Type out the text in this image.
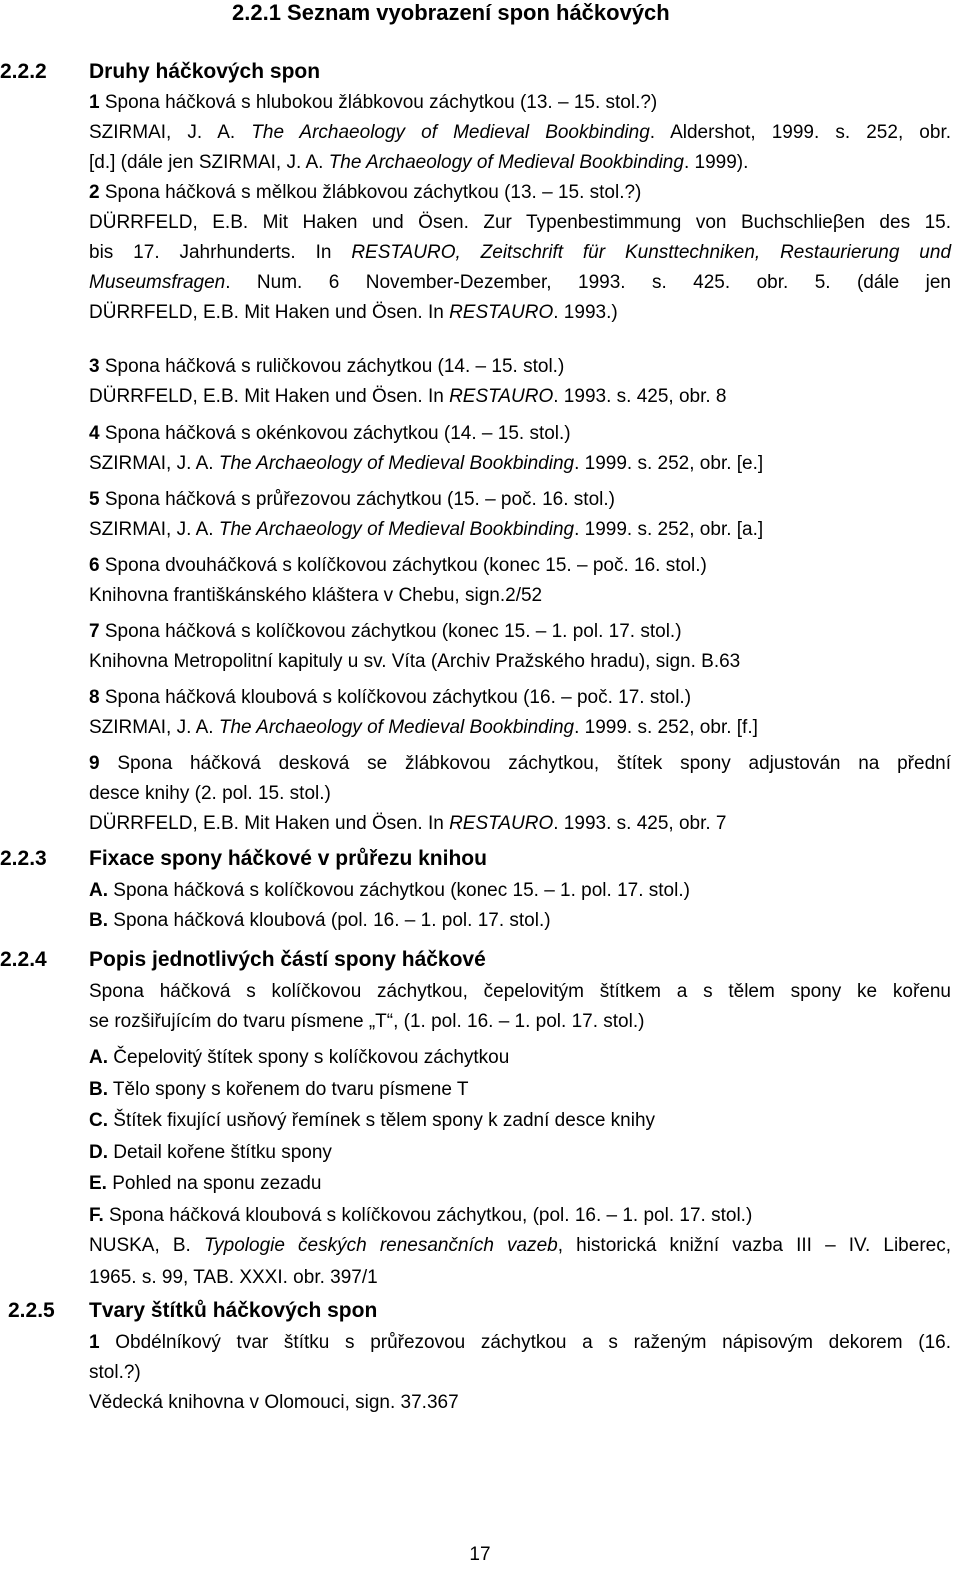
2.2.1 Seznam vyobrazení spon háčkových
2.2.2 Druhy háčkových spon
1 Spona háčková s hlubokou žlábkovou záchytkou (13. – 15. stol.?)
SZIRMAI, J. A. The Archaeology of Medieval Bookbinding. Aldershot, 1999. s. 252, obr.
[d.] (dále jen SZIRMAI, J. A. The Archaeology of Medieval Bookbinding. 1999).
2 Spona háčková s mělkou žlábkovou záchytkou (13. – 15. stol.?)
DÜRRFELD, E.B. Mit Haken und Ösen. Zur Typenbestimmung von Buchschlieβen des 15.
bis 17. Jahrhunderts. In RESTAURO, Zeitschrift für Kunsttechniken, Restaurierung und
Museumsfragen. Num. 6 November-Dezember, 1993. s. 425. obr. 5. (dále jen
DÜRRFELD, E.B. Mit Haken und Ösen. In RESTAURO. 1993.)
3 Spona háčková s ruličkovou záchytkou (14. – 15. stol.)
DÜRRFELD, E.B. Mit Haken und Ösen. In RESTAURO. 1993. s. 425, obr. 8
4 Spona háčková s okénkovou záchytkou (14. – 15. stol.)
SZIRMAI, J. A. The Archaeology of Medieval Bookbinding. 1999. s. 252, obr. [e.]
5 Spona háčková s průřezovou záchytkou (15. – poč. 16. stol.)
SZIRMAI, J. A. The Archaeology of Medieval Bookbinding. 1999. s. 252, obr. [a.]
6 Spona dvouháčková s kolíčkovou záchytkou (konec 15. – poč. 16. stol.)
Knihovna františkánského kláštera v Chebu, sign.2/52
7 Spona háčková s kolíčkovou záchytkou (konec 15. – 1. pol. 17. stol.)
Knihovna Metropolitní kapituly u sv. Víta (Archiv Pražského hradu), sign. B.63
8 Spona háčková kloubová s kolíčkovou záchytkou (16. – poč. 17. stol.)
SZIRMAI, J. A. The Archaeology of Medieval Bookbinding. 1999. s. 252, obr. [f.]
9 Spona háčková desková se žlábkovou záchytkou, štítek spony adjustován na přední
desce knihy (2. pol. 15. stol.)
DÜRRFELD, E.B. Mit Haken und Ösen. In RESTAURO. 1993. s. 425, obr. 7
2.2.3 Fixace spony háčkové v průřezu knihou
A. Spona háčková s kolíčkovou záchytkou (konec 15. – 1. pol. 17. stol.)
B. Spona háčková kloubová (pol. 16. – 1. pol. 17. stol.)
2.2.4 Popis jednotlivých částí spony háčkové
Spona háčková s kolíčkovou záchytkou, čepelovitým štítkem a s tělem spony ke kořenu
se rozšiřujícím do tvaru písmene „T“, (1. pol. 16. – 1. pol. 17. stol.)
A. Čepelovitý štítek spony s kolíčkovou záchytkou
B. Tělo spony s kořenem do tvaru písmene T
C. Štítek fixující usňový řemínek s tělem spony k zadní desce knihy
D. Detail kořene štítku spony
E. Pohled na sponu zezadu
F. Spona háčková kloubová s kolíčkovou záchytkou, (pol. 16. – 1. pol. 17. stol.)
NUSKA, B. Typologie českých renesančních vazeb, historická knižní vazba III – IV. Liberec,
1965. s. 99, TAB. XXXI. obr. 397/1
2.2.5 Tvary štítků háčkových spon
1 Obdélníkový tvar štítku s průřezovou záchytkou a s raženým nápisovým dekorem (16.
stol.?)
Vědecká knihovna v Olomouci, sign. 37.367
17
